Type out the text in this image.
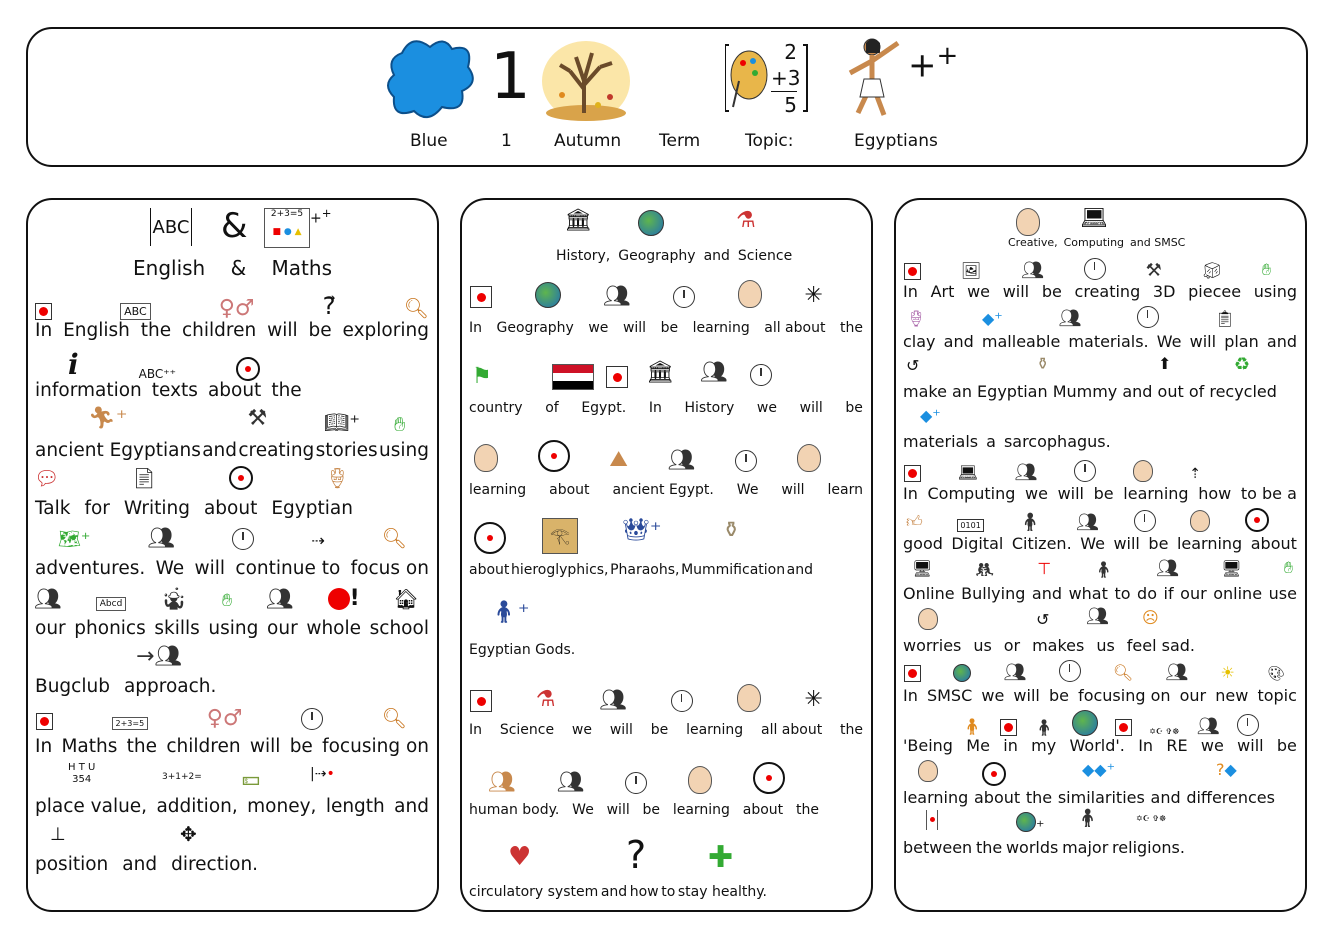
1	2
+3
5
++
Blue	1 Autumn Term	Topic:	Egyptians
ABC &	2+3=5
■ ● ▲
++
English & Maths
ABC	♀♂	?⃗	🔍︎
In English the children will be exploring
i	ABC⁺⁺
information texts about the
🏃︎⁺	⚒	📖︎⁺ ✋︎
ancient Egyptians and creating stories using
💬︎	📄︎	🏺︎
Talk for Writing about Egyptian
🗺︎⁺	👥︎	⇢	🔍︎
adventures. We will continue to focus on
👥︎	Abcd 🤹︎ ✋︎ 👥︎	! 🏠︎
our phonics skills using our whole school
→👥︎
Bugclub approach.
2+3=5	♀♂	🔍︎
In Maths the children will be focusing on
H T U
354	3+1+2= 💵︎	|⇢•
place value, addition, money, length and
⊥	✥
position and direction.
🏛︎	⚗︎
History, Geography and Science
👥︎	✳
In Geography we will be learning all about the
⚑	🏛︎ 👥︎
country of Egypt. In History we will be
⛰︎ 👥︎
learning about ancient Egypt. We will learn
𓂀	👑︎⁺	⚱︎
about hieroglyphics, Pharaohs, Mummification and
🧍︎⁺
Egyptian Gods.
⚗︎ 👥︎	✳
In Science we will be learning all about the
👥︎ 👥︎
human body. We will be learning about the
♥︎ ? ✚
circulatory system and how to stay healthy.
💻︎
Creative, Computing and SMSC
🖼︎ 👥︎	⚒ 🧊︎ ✋︎
In Art we will be creating 3D piecee using
🏺︎	◆⁺	👥︎	📋︎
clay and malleable materials. We will plan and
↺	⚱︎	⬆︎	♻︎
make an Egyptian Mummy and out of recycled
◆⁺
materials a sarcophagus.
💻︎ 👥︎	⇡
In Computing we will be learning how to be a
👍︎	0101 🧍︎ 👥︎
good Digital Citizen. We will be learning about
🖥︎	🤼︎	⊤	🧍︎ 👥︎	🖥︎	✋︎
Online Bullying and what to do if our online use
↺ 👥︎ ☹︎
worries us or makes us feel sad.
👥︎	🔍︎ 👥︎ ☀︎ 🎨︎
In SMSC we will be focusing on our new topic
🧍︎	🧍︎	✡☪ ✞☸ 👥︎
'Being Me in my World'. In RE we will be
◆◆⁺	?◆
learning about the similarities and differences
⁺ 🧍︎	✡☪ ✞☸
between the worlds major religions.
